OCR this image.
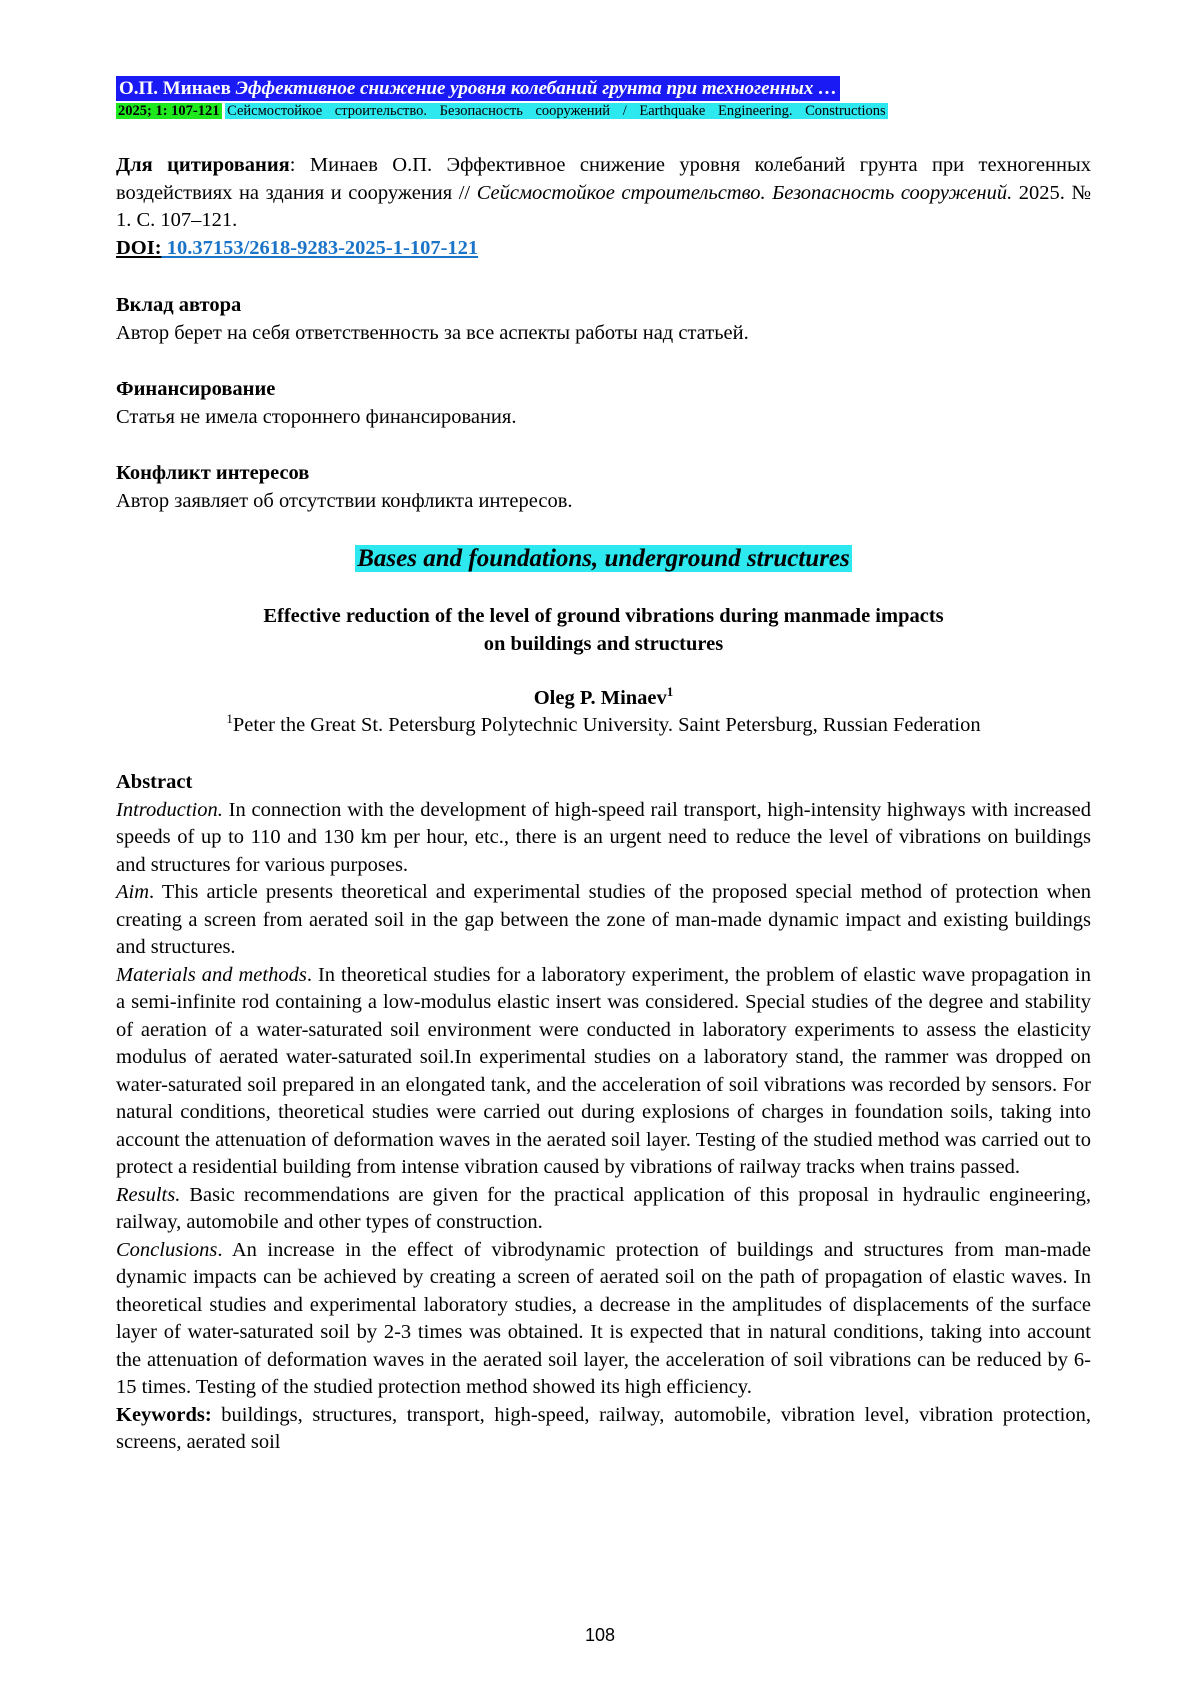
О.П. Минаев Эффективное снижение уровня колебаний грунта при техногенных …
2025; 1: 107-121 Сейсмостойкое строительство. Безопасность сооружений / Earthquake Engineering. Constructions
Для цитирования: Минаев О.П. Эффективное снижение уровня колебаний грунта при техногенных воздействиях на здания и сооружения // Сейсмостойкое строительство. Безопасность сооружений. 2025. № 1. С. 107–121.
DOI: 10.37153/2618-9283-2025-1-107-121

Вклад автора

Автор берет на себя ответственность за все аспекты работы над статьей.

Финансирование

Статья не имела стороннего финансирования.

Конфликт интересов

Автор заявляет об отсутствии конфликта интересов.

Bases and foundations, underground structures

Effective reduction of the level of ground vibrations during manmade impacts

on buildings and structures

Oleg P. Minaev1
1Peter the Great St. Petersburg Polytechnic University. Saint Petersburg, Russian Federation

Abstract

Introduction. In connection with the development of high-speed rail transport, high-intensity highways with increased speeds of up to 110 and 130 km per hour, etc., there is an urgent need to reduce the level of vibrations on buildings and structures for various purposes.

Aim. This article presents theoretical and experimental studies of the proposed special method of protection when creating a screen from aerated soil in the gap between the zone of man-made dynamic impact and existing buildings and structures.

Materials and methods. In theoretical studies for a laboratory experiment, the problem of elastic wave propagation in a semi-infinite rod containing a low-modulus elastic insert was considered. Special studies of the degree and stability of aeration of a water-saturated soil environment were conducted in laboratory experiments to assess the elasticity modulus of aerated water-saturated soil.In experimental studies on a laboratory stand, the rammer was dropped on water-saturated soil prepared in an elongated tank, and the acceleration of soil vibrations was recorded by sensors. For natural conditions, theoretical studies were carried out during explosions of charges in foundation soils, taking into account the attenuation of deformation waves in the aerated soil layer. Testing of the studied method was carried out to protect a residential building from intense vibration caused by vibrations of railway tracks when trains passed.

Results. Basic recommendations are given for the practical application of this proposal in hydraulic engineering, railway, automobile and other types of construction.

Conclusions. An increase in the effect of vibrodynamic protection of buildings and structures from man-made dynamic impacts can be achieved by creating a screen of aerated soil on the path of propagation of elastic waves. In theoretical studies and experimental laboratory studies, a decrease in the amplitudes of displacements of the surface layer of water-saturated soil by 2-3 times was obtained. It is expected that in natural conditions, taking into account the attenuation of deformation waves in the aerated soil layer, the acceleration of soil vibrations can be reduced by 6-15 times. Testing of the studied protection method showed its high efficiency.

Keywords: buildings, structures, transport, high-speed, railway, automobile, vibration level, vibration protection, screens, aerated soil

108
